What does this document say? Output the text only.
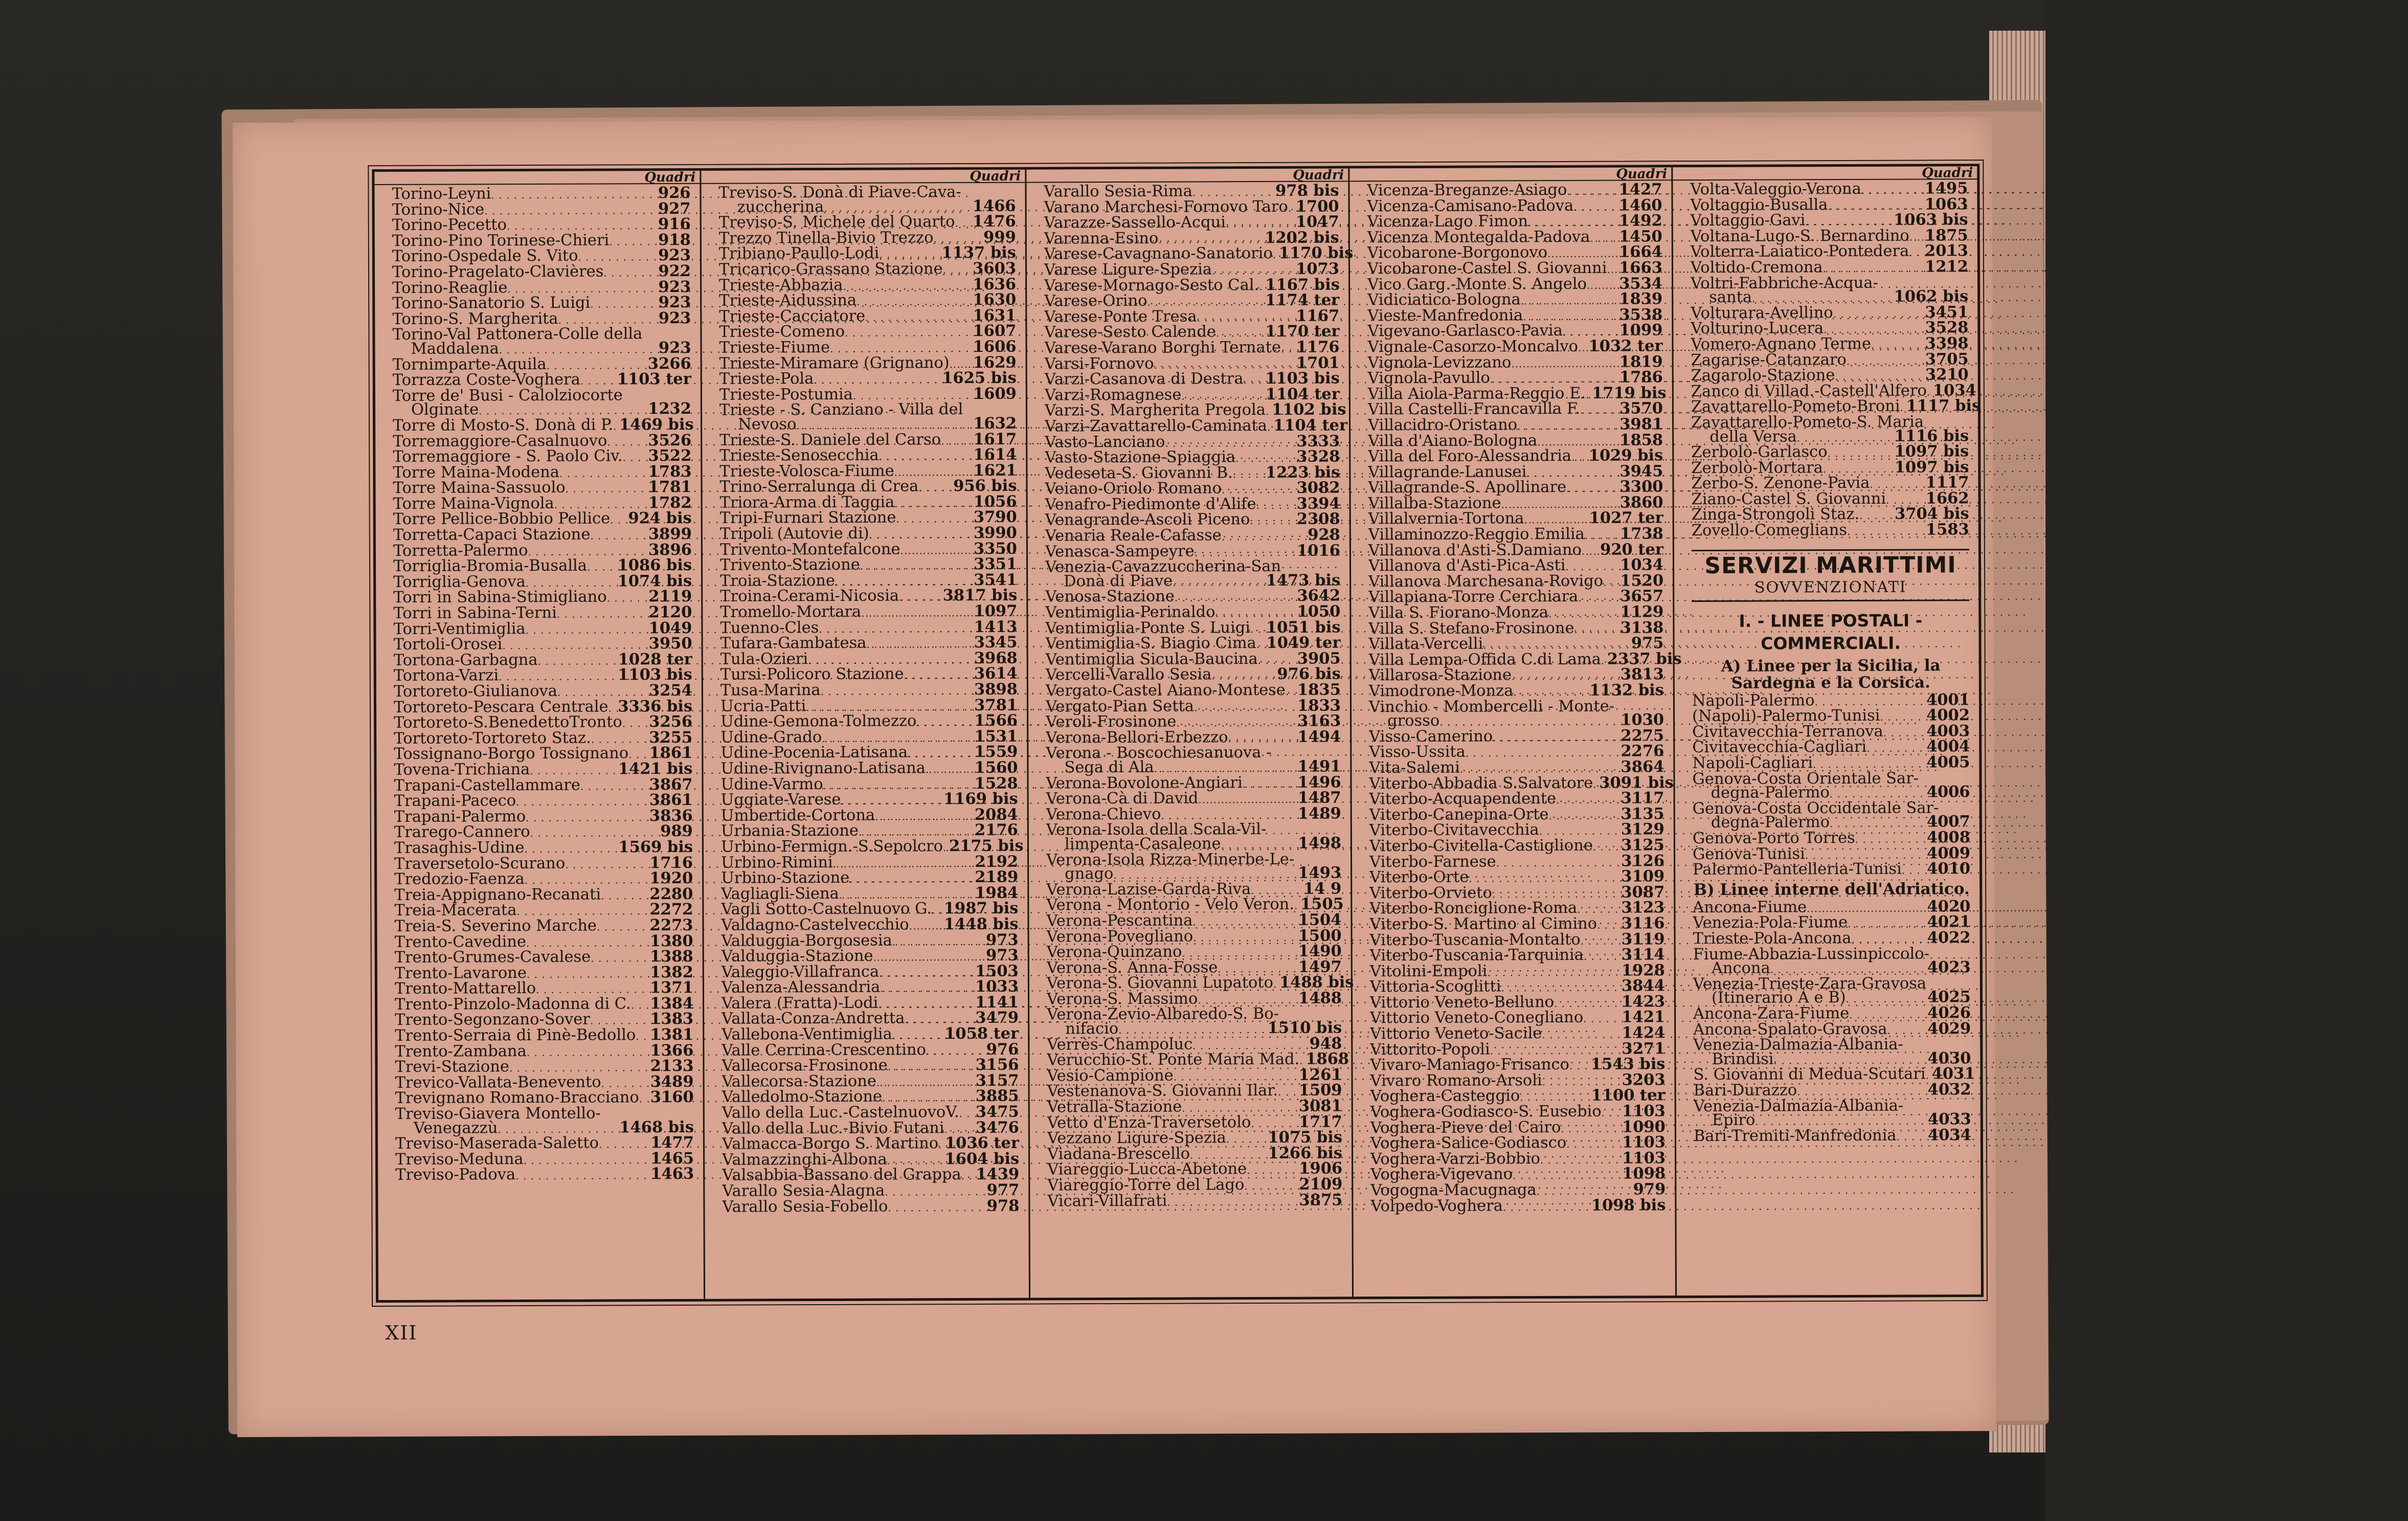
Quadri
Torino-Leyni . . .	926
Torino-Nice . . .	927
Torino-Pecetto . . .	916
Torino-Pino Torinese-Chieri . . .	918
Torino-Ospedale S. Vito . . .	923
Torino-Pragelato-Clavières . . .	922
Torino-Reaglie . . .	923
Torino-Sanatorio S. Luigi . . .	923
Torino-S. Margherita . . .	923
Torino-Val Pattonera-Colle della
Maddalena . . .	923
Tornimparte-Aquila . . .	3266
Torrazza Coste-Voghera . . . 1103 ter
Torre de' Busi - Calolziocorte
Olginate . . .	1232
Torre di Mosto-S. Donà di P. . . . 1469 bis
Torremaggiore-Casalnuovo . . .	3526
Torremaggiore - S. Paolo Civ. . . . 3522
Torre Maina-Modena . . .	1783
Torre Maina-Sassuolo . . .	1781
Torre Maina-Vignola . . .	1782
Torre Pellice-Bobbio Pellice . . . 924 bis
Torretta-Capaci Stazione . . .	3899
Torretta-Palermo . . .	3896
Torriglia-Bromia-Busalla . . . 1086 bis
Torriglia-Genova . . .	1074 bis
Torri in Sabina-Stimigliano . . .	2119
Torri in Sabina-Terni . . .	2120
Torri-Ventimiglia . . .	1049
Tortoli-Orosei . . .	3950
Tortona-Garbagna . . .	1028 ter
Tortona-Varzi . . .	1103 bis
Tortoreto-Giulianova . . .	3254
Tortoreto-Pescara Centrale . . . 3336 bis
Tortoreto-S.BenedettoTronto . . . 3256
Tortoreto-Tortoreto Staz. . . .	3255
Tossignano-Borgo Tossignano . . . 1861
Tovena-Trichiana . . .	1421 bis
Trapani-Castellammare . . .	3867
Trapani-Paceco . . .	3861
Trapani-Palermo . . .	3836
Trarego-Cannero . . .	989
Trasaghis-Udine . . .	1569 bis
Traversetolo-Scurano . . .	1716
Tredozio-Faenza . . .	1920
Treia-Appignano-Recanati . . .	2280
Treia-Macerata . . .	2272
Treia-S. Severino Marche . . .	2273
Trento-Cavedine . . .	1380
Trento-Grumes-Cavalese . . .	1388
Trento-Lavarone . . .	1382
Trento-Mattarello . . .	1371
Trento-Pinzolo-Madonna di C. . . . 1384
Trento-Segonzano-Sover . . .	1383
Trento-Serraia di Pinè-Bedollo . . . 1381
Trento-Zambana . . .	1366
Trevi-Stazione . . .	2133
Trevico-Vallata-Benevento . . .	3489
Trevignano Romano-Bracciano . . . 3160
Treviso-Giavera Montello-
Venegazzù . . .	1468 bis
Treviso-Maserada-Saletto . . .	1477
Treviso-Meduna . . .	1465
Treviso-Padova . . .	1463
Quadri
Treviso-S. Donà di Piave-Cava-
zuccherina . . .	1466
Treviso-S. Michele del Quarto . . . 1476
Trezzo Tinella-Bivio Trezzo . . .	999
Tribiano-Paullo-Lodi . . .	1137 bis
Tricarico-Grassano Stazione . . . 3603
Trieste-Abbazia . . .	1636
Trieste-Aidussina . . .	1630
Trieste-Cacciatore . . .	1631
Trieste-Comeno . . .	1607
Trieste-Fiume . . .	1606
Trieste-Miramare (Grignano) . . . 1629
Trieste-Pola . . .	1625 bis
Trieste-Postumia . . .	1609
Trieste - S. Canziano - Villa del
Nevoso . . .	1632
Trieste-S. Daniele del Carso . . . 1617
Trieste-Senosecchia . . .	1614
Trieste-Volosca-Fiume . . .	1621
Trino-Serralunga di Crea . . . 956 bis
Triora-Arma di Taggia . . .	1056
Tripi-Furnari Stazione . . .	3790
Tripoli (Autovie di) . . .	3990
Trivento-Montefalcone . . .	3350
Trivento-Stazione . . .	3351
Troia-Stazione . . .	3541
Troina-Cerami-Nicosia . . .	3817 bis
Tromello-Mortara . . .	1097
Tuenno-Cles . . .	1413
Tufara-Gambatesa . . .	3345
Tula-Ozieri . . .	3968
Tursi-Policoro Stazione . . .	3614
Tusa-Marina . . .	3898
Ucria-Patti . . .	3781
Udine-Gemona-Tolmezzo . . .	1566
Udine-Grado . . .	1531
Udine-Pocenia-Latisana . . .	1559
Udine-Rivignano-Latisana . . .	1560
Udine-Varmo . . .	1528
Uggiate-Varese . . .	1169 bis
Umbertide-Cortona . . .	2084
Urbania-Stazione . . .	2176
Urbino-Fermign.-S.Sepolcro . . . 2175 bis
Urbino-Rimini . . .	2192
Urbino-Stazione . . .	2189
Vagliagli-Siena . . .	1984
Vagli Sotto-Castelnuovo G. . . . 1987 bis
Valdagno-Castelvecchio . . . 1448 bis
Valduggia-Borgosesia . . .	973
Valduggia-Stazione . . .	973
Valeggio-Villafranca . . .	1503
Valenza-Alessandria . . .	1033
Valera (Fratta)-Lodi . . .	1141
Vallata-Conza-Andretta . . .	3479
Vallebona-Ventimiglia . . .	1058 ter
Valle Cerrina-Crescentino . . .	976
Vallecorsa-Frosinone . . .	3156
Vallecorsa-Stazione . . .	3157
Valledolmo-Stazione . . .	3885
Vallo della Luc.-CastelnuovoV. . . . 3475
Vallo della Luc.-Bivio Futani . . . 3476
Valmacca-Borgo S. Martino . . . 1036 ter
Valmazzinghi-Albona . . .	1604 bis
Valsabbia-Bassano del Grappa . . . 1439
Varallo Sesia-Alagna . . .	977
Varallo Sesia-Fobello . . .	978
Quadri
Varallo Sesia-Rima . . .	978 bis
Varano Marchesi-Fornovo Taro . . . 1700
Varazze-Sassello-Acqui . . .	1047
Varenna-Esino . . .	1202 bis
Varese-Cavagnano-Sanatorio . . . 1170 bis
Varese Ligure-Spezia . . .	1073
Varese-Mornago-Sesto Cal. . . . 1167 bis
Varese-Orino . . .	1174 ter
Varese-Ponte Tresa . . .	1167
Varese-Sesto Calende . . .	1170 ter
Varese-Varano Borghi Ternate . . . 1176
Varsi-Fornovo . . .	1701
Varzi-Casanova di Destra . . . 1103 bis
Varzi-Romagnese . . .	1104 ter
Varzi-S. Margherita Pregola . . . 1102 bis
Varzi-Zavattarello-Caminata . . . 1104 ter
Vasto-Lanciano . . .	3333
Vasto-Stazione-Spiaggia . . .	3328
Vedeseta-S. Giovanni B. . . . 1223 bis
Veiano-Oriolo Romano . . .	3082
Venafro-Piedimonte d'Alife . . .	3394
Venagrande-Ascoli Piceno . . .	2308
Venaria Reale-Cafasse . . .	928
Venasca-Sampeyre . . .	1016
Venezia-Cavazzuccherina-San
Donà di Piave . . .	1473 bis
Venosa-Stazione . . .	3642
Ventimiglia-Perinaldo . . .	1050
Ventimiglia-Ponte S. Luigi . . . 1051 bis
Ventimiglia-S. Biagio Cima . . . 1049 ter
Ventimiglia Sicula-Baucina . . .	3905
Vercelli-Varallo Sesia . . .	976 bis
Vergato-Castel Aiano-Montese . . . 1835
Vergato-Pian Setta . . .	1833
Veroli-Frosinone . . .	3163
Verona-Bellori-Erbezzo . . .	1494
Verona - Boscochiesanuova -
Sega di Ala . . .	1491
Verona-Bovolone-Angiari . . .	1496
Verona-Cà di David . . .	1487
Verona-Chievo . . .	1489
Verona-Isola della Scala-Vil-
limpenta-Casaleone . . .	1498
Verona-Isola Rizza-Minerbe-Le-
gnago . . .	1493
Verona-Lazise-Garda-Riva . . .	14 9
Verona - Montorio - Velo Veron. . . . 1505
Verona-Pescantina . . .	1504
Verona-Povegliano . . .	1500
Verona-Quinzano . . .	1490
Verona-S. Anna-Fosse . . .	1497
Verona-S. Giovanni Lupatoto . . . 1488 bis
Verona-S. Massimo . . .	1488
Verona-Zevio-Albaredo-S. Bo-
nifacio . . .	1510 bis
Verrès-Champoluc . . .	948
Verucchio-St. Ponte Maria Mad. . . . 1868
Vesio-Campione . . .	1261
Vestenanova-S. Giovanni Ilar. . . . 1509
Vetralla-Stazione . . .	3081
Vetto d'Enza-Traversetolo . . .	1717
Vezzano Ligure-Spezia . . .	1075 bis
Viadana-Brescello . . .	1266 bis
Viareggio-Lucca-Abetone . . .	1906
Viareggio-Torre del Lago . . .	2109
Vicari-Villafrati . . .	3875
Quadri
Vicenza-Breganze-Asiago . . .	1427
Vicenza-Camisano-Padova . . .	1460
Vicenza-Lago Fimon . . .	1492
Vicenza Montegalda-Padova . . . 1450
Vicobarone-Borgonovo . . .	1664
Vicobarone-Castel S. Giovanni . . . 1663
Vico Garg.-Monte S. Angelo . . . 3534
Vidiciatico-Bologna . . .	1839
Vieste-Manfredonia . . .	3538
Vigevano-Garlasco-Pavia . . .	1099
Vignale-Casorzo-Moncalvo . . . 1032 ter
Vignola-Levizzano . . .	1819
Vignola-Pavullo . . .	1786
Villa Aiola-Parma-Reggio E. . . . 1719 bis
Villa Castelli-Francavilla F. . . .	3570
Villacidro-Oristano . . .	3981
Villa d'Aiano-Bologna . . .	1858
Villa del Foro-Alessandria . . . 1029 bis
Villagrande-Lanusei . . .	3945
Villagrande-S. Apollinare . . .	3300
Villalba-Stazione . . .	3860
Villalvernia-Tortona . . .	1027 ter
Villaminozzo-Reggio Emilia . . . 1738
Villanova d'Asti-S.Damiano . . . 920 ter
Villanova d'Asti-Pica-Asti . . .	1034
Villanova Marchesana-Rovigo . . . 1520
Villapiana-Torre Cerchiara . . .	3657
Villa S. Fiorano-Monza . . .	1129
Villa S. Stefano-Frosinone . . .	3138
Villata-Vercelli . . .	975
Villa Lempa-Offida C.di Lama . . . 2337 bis
Villarosa-Stazione . . .	3813
Vimodrone-Monza . . .	1132 bis
Vinchio - Mombercelli - Monte-
grosso . . .	1030
Visso-Camerino . . .	2275
Visso-Ussita . . .	2276
Vita-Salemi . . .	3864
Viterbo-Abbadia S.Salvatore . . . 3091 bis
Viterbo-Acquapendente . . .	3117
Viterbo-Canepina-Orte . . .	3135
Viterbo-Civitavecchia . . .	3129
Viterbo-Civitella-Castiglione . . . 3125
Viterbo-Farnese . . .	3126
Viterbo-Orte . . .	3109
Viterbo-Orvieto . . .	3087
Viterbo-Ronciglione-Roma . . .	3123
Viterbo-S. Martino al Cimino . . . 3116
Viterbo-Tuscania-Montalto . . .	3119
Viterbo-Tuscania-Tarquinia . . . 3114
Vitolini-Empoli . . .	1928
Vittoria-Scoglitti . . .	3844
Vittorio Veneto-Belluno . . .	1423
Vittorio Veneto-Conegliano . . . 1421
Vittorio Veneto-Sacile . . .	1424
Vittorito-Popoli . . .	3271
Vivaro-Maniago-Frisanco . . . 1543 bis
Vivaro Romano-Arsoli . . .	3203
Voghera-Casteggio . . .	1100 ter
Voghera-Godiasco-S. Eusebio . . . 1103
Voghera-Pieve del Cairo . . .	1090
Voghera-Salice-Godiasco . . .	1103
Voghera-Varzi-Bobbio . . .	1103
Voghera-Vigevano . . .	1098
Vogogna-Macugnaga . . .	979
Volpedo-Voghera . . .	1098 bis
Quadri
Volta-Valeggio-Verona . . .	1495
Voltaggio-Busalla . . .	1063
Voltaggio-Gavi . . .	1063 bis
Voltana-Lugo-S. Bernardino . . . 1875
Volterra-Laiatico-Pontedera . . . 2013
Voltido-Cremona . . .	1212
Voltri-Fabbriche-Acqua-
santa . . .	1062 bis
Volturara-Avellino . . .	3451
Volturino-Lucera . . .	3528
Vomero-Agnano Terme . . .	3398
Zagarise-Catanzaro . . .	3705
Zagarolo-Stazione . . .	3210
Zanco di Villad.-Castell'Alfero . . . 1034
Zavattarello-Pometo-Broni . . . 1117 bis
Zavattarello-Pometo-S. Maria
della Versa . . .	1116 bis
Zerbolò-Garlasco . . .	1097 bis
Zerbolò-Mortara . . .	1097 bis
Zerbo-S. Zenone-Pavia . . .	1117
Ziano-Castel S. Giovanni . . .	1662
Zinga-Strongoli Staz. . . . 3704 bis
Zovello-Comeglians . . .	1583
SERVIZI MARITTIMI
SOVVENZIONATI
I. - LINEE POSTALI - COMMERCIALI.
A) Linee per la Sicilia, la Sardegna e la Corsica.
Napoli-Palermo . . .	4001
(Napoli)-Palermo-Tunisi . . .	4002
Civitavecchia-Terranova . . .	4003
Civitavecchia-Cagliari . . .	4004
Napoli-Cagliari . . .	4005
Genova-Costa Orientale Sar-
degna-Palermo . . .	4006
Genova-Costa Occidentale Sar-
degna-Palermo . . .	4007
Genova-Porto Torres . . .	4008
Genova-Tunisi . . .	4009
Palermo-Pantelleria-Tunisi . . . 4010
B) Linee interne dell'Adriatico.
Ancona-Fiume . . .	4020
Venezia-Pola-Fiume . . .	4021
Trieste-Pola-Ancona . . .	4022
Fiume-Abbazia-Lussinpiccolo-
Ancona . . .	4023
Venezia-Trieste-Zara-Gravosa
(Itinerario A e B) . . .	4025
Ancona-Zara-Fiume . . .	4026
Ancona-Spalato-Gravosa . . .	4029
Venezia-Dalmazia-Albania-
Brindisi . . .	4030
S. Giovanni di Medua-Scutari . . . 4031
Bari-Durazzo . . .	4032
Venezia-Dalmazia-Albania-
Epiro . . .	4033
Bari-Tremiti-Manfredonia . . . 4034
XII
